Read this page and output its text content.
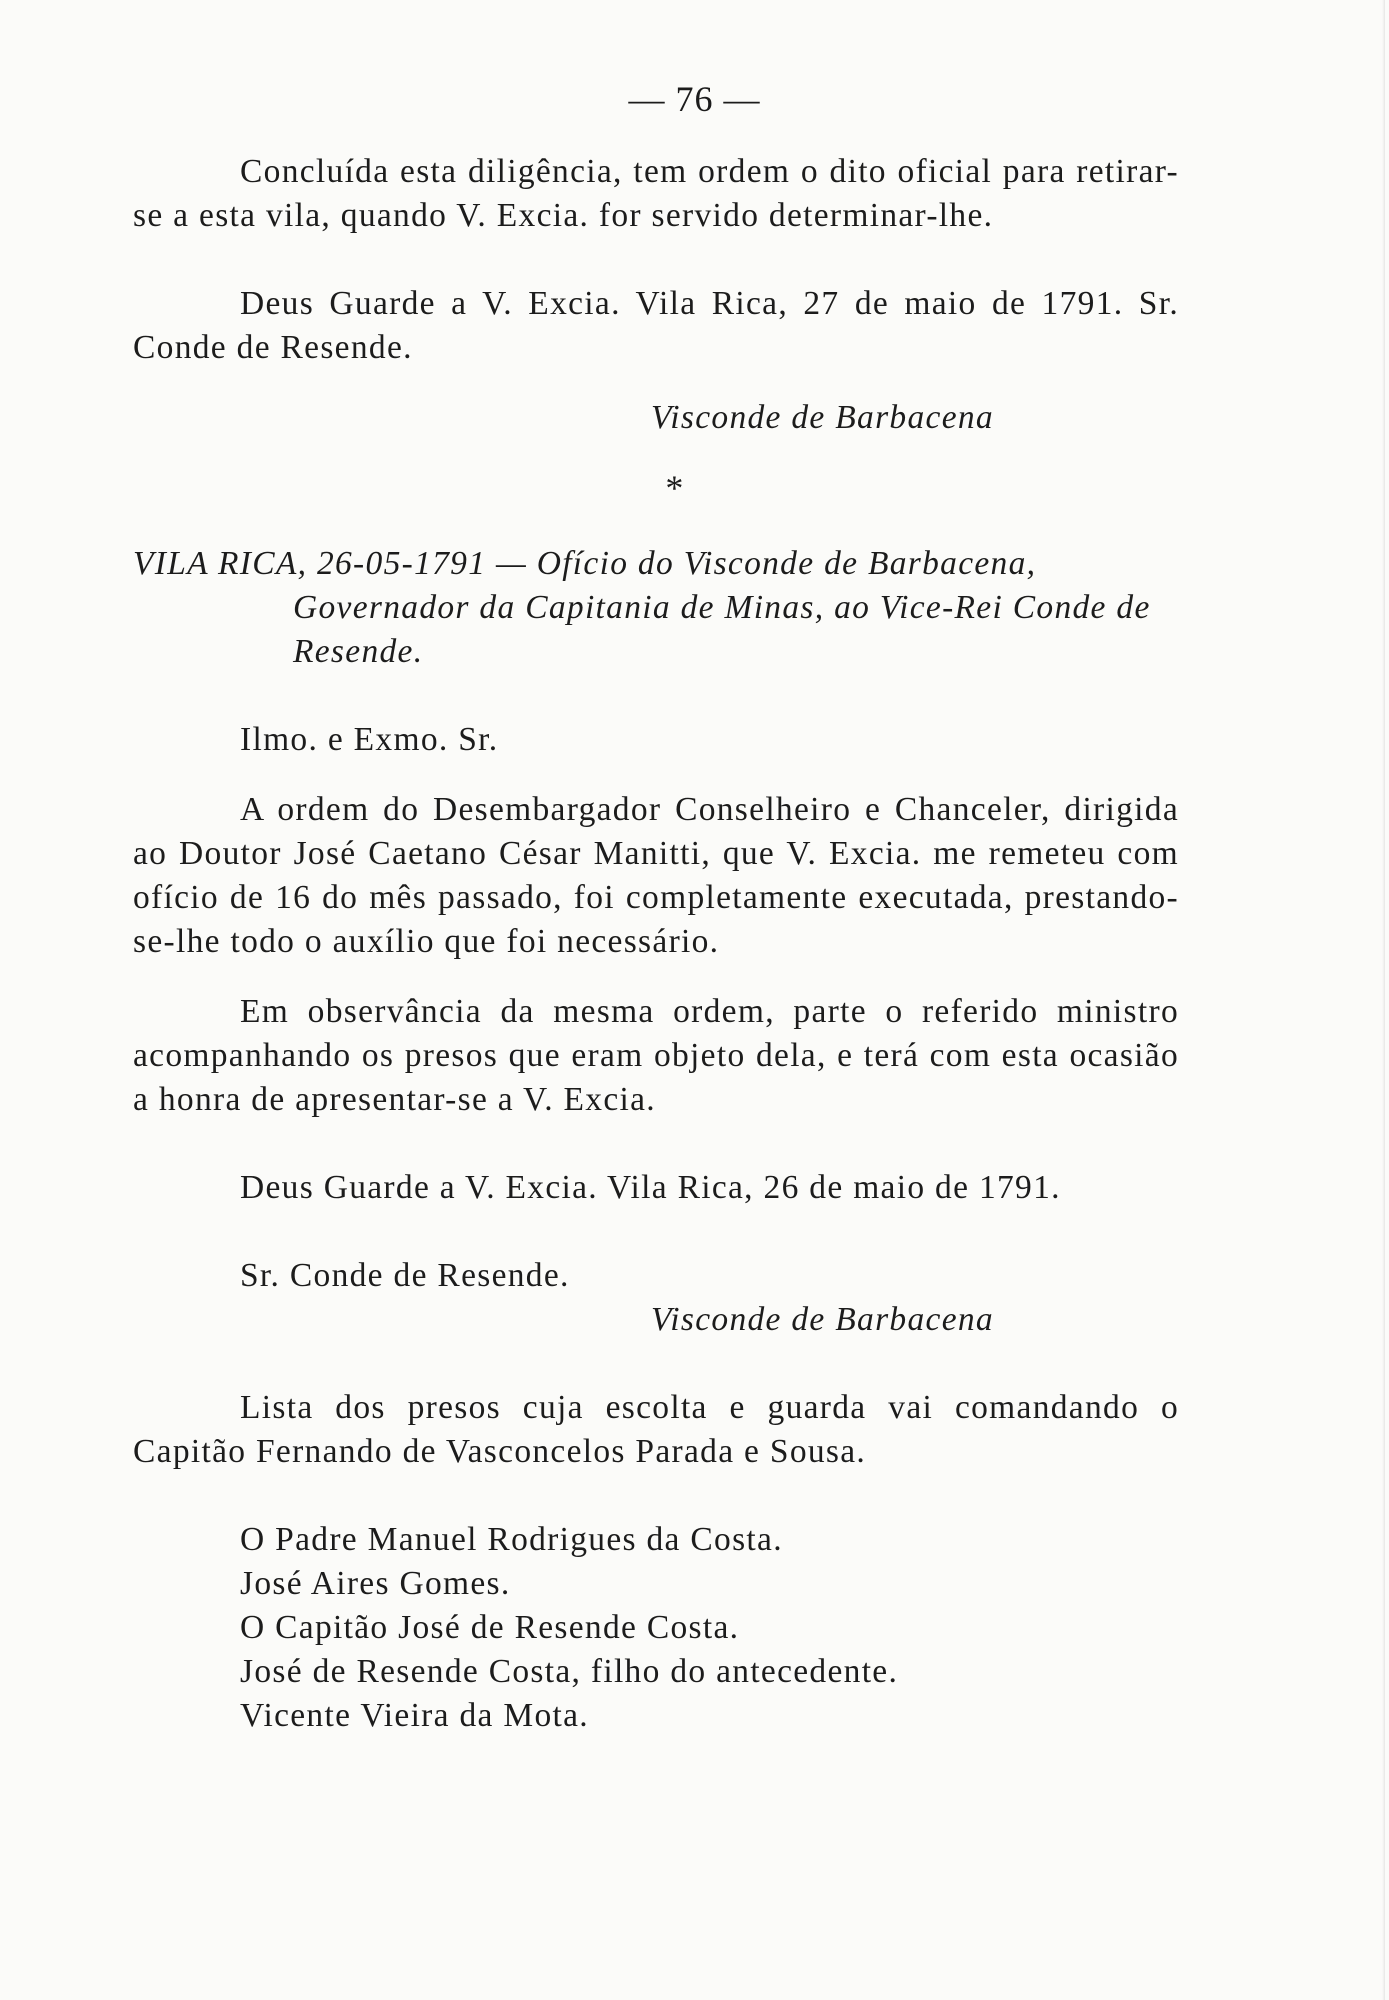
— 76 —

Concluída esta diligência, tem ordem o dito oficial para retirar-se a esta vila, quando V. Excia. for servido determinar-lhe.

Deus Guarde a V. Excia. Vila Rica, 27 de maio de 1791. Sr. Conde de Resende.

Visconde de Barbacena

*

VILA RICA, 26-05-1791 — Ofício do Visconde de Barbacena, Governador da Capitania de Minas, ao Vice-Rei Conde de Resende.

Ilmo. e Exmo. Sr.

A ordem do Desembargador Conselheiro e Chanceler, dirigida ao Doutor José Caetano César Manitti, que V. Excia. me remeteu com ofício de 16 do mês passado, foi completamente executada, prestando-se-lhe todo o auxílio que foi necessário.

Em observância da mesma ordem, parte o referido ministro acompanhando os presos que eram objeto dela, e terá com esta ocasião a honra de apresentar-se a V. Excia.

Deus Guarde a V. Excia. Vila Rica, 26 de maio de 1791.

Sr. Conde de Resende.

Visconde de Barbacena

Lista dos presos cuja escolta e guarda vai comandando o Capitão Fernando de Vasconcelos Parada e Sousa.

O Padre Manuel Rodrigues da Costa.
José Aires Gomes.
O Capitão José de Resende Costa.
José de Resende Costa, filho do antecedente.
Vicente Vieira da Mota.
